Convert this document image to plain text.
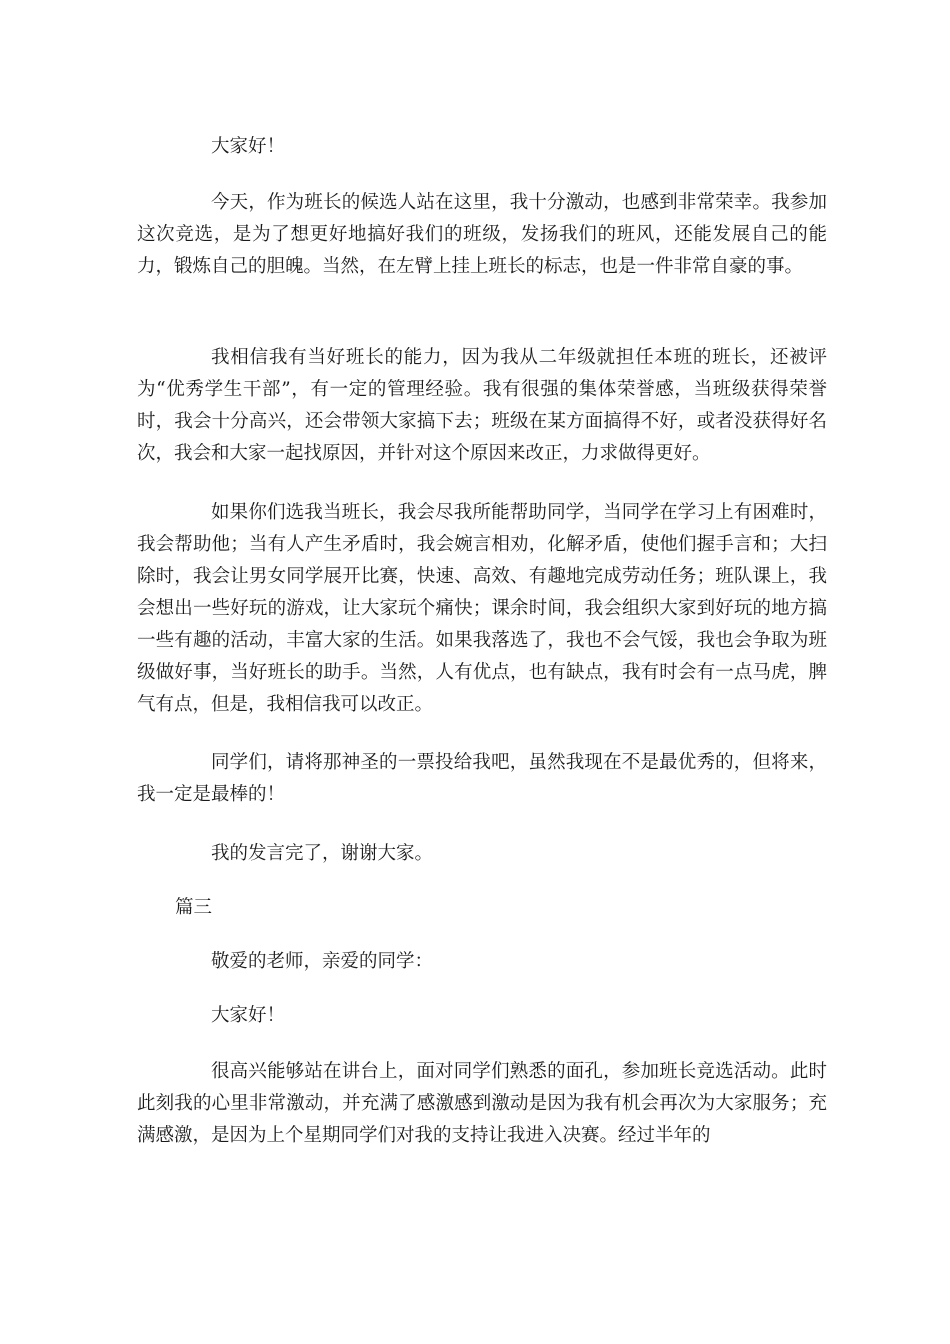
大家好！

今天，作为班长的候选人站在这里，我十分激动，也感到非常荣幸。我参加这次竞选，是为了想更好地搞好我们的班级，发扬我们的班风，还能发展自己的能力，锻炼自己的胆魄。当然，在左臂上挂上班长的标志，也是一件非常自豪的事。

我相信我有当好班长的能力，因为我从二年级就担任本班的班长，还被评为“优秀学生干部”，有一定的管理经验。我有很强的集体荣誉感，当班级获得荣誉时，我会十分高兴，还会带领大家搞下去；班级在某方面搞得不好，或者没获得好名次，我会和大家一起找原因，并针对这个原因来改正，力求做得更好。

如果你们选我当班长，我会尽我所能帮助同学，当同学在学习上有困难时，我会帮助他；当有人产生矛盾时，我会婉言相劝，化解矛盾，使他们握手言和；大扫除时，我会让男女同学展开比赛，快速、高效、有趣地完成劳动任务；班队课上，我会想出一些好玩的游戏，让大家玩个痛快；课余时间，我会组织大家到好玩的地方搞一些有趣的活动，丰富大家的生活。如果我落选了，我也不会气馁，我也会争取为班级做好事，当好班长的助手。当然，人有优点，也有缺点，我有时会有一点马虎，脾气有点，但是，我相信我可以改正。

同学们，请将那神圣的一票投给我吧，虽然我现在不是最优秀的，但将来，我一定是最棒的！

我的发言完了，谢谢大家。

篇三

敬爱的老师，亲爱的同学：

大家好！

很高兴能够站在讲台上，面对同学们熟悉的面孔，参加班长竞选活动。此时此刻我的心里非常激动，并充满了感激感到激动是因为我有机会再次为大家服务；充满感激，是因为上个星期同学们对我的支持让我进入决赛。经过半年的
